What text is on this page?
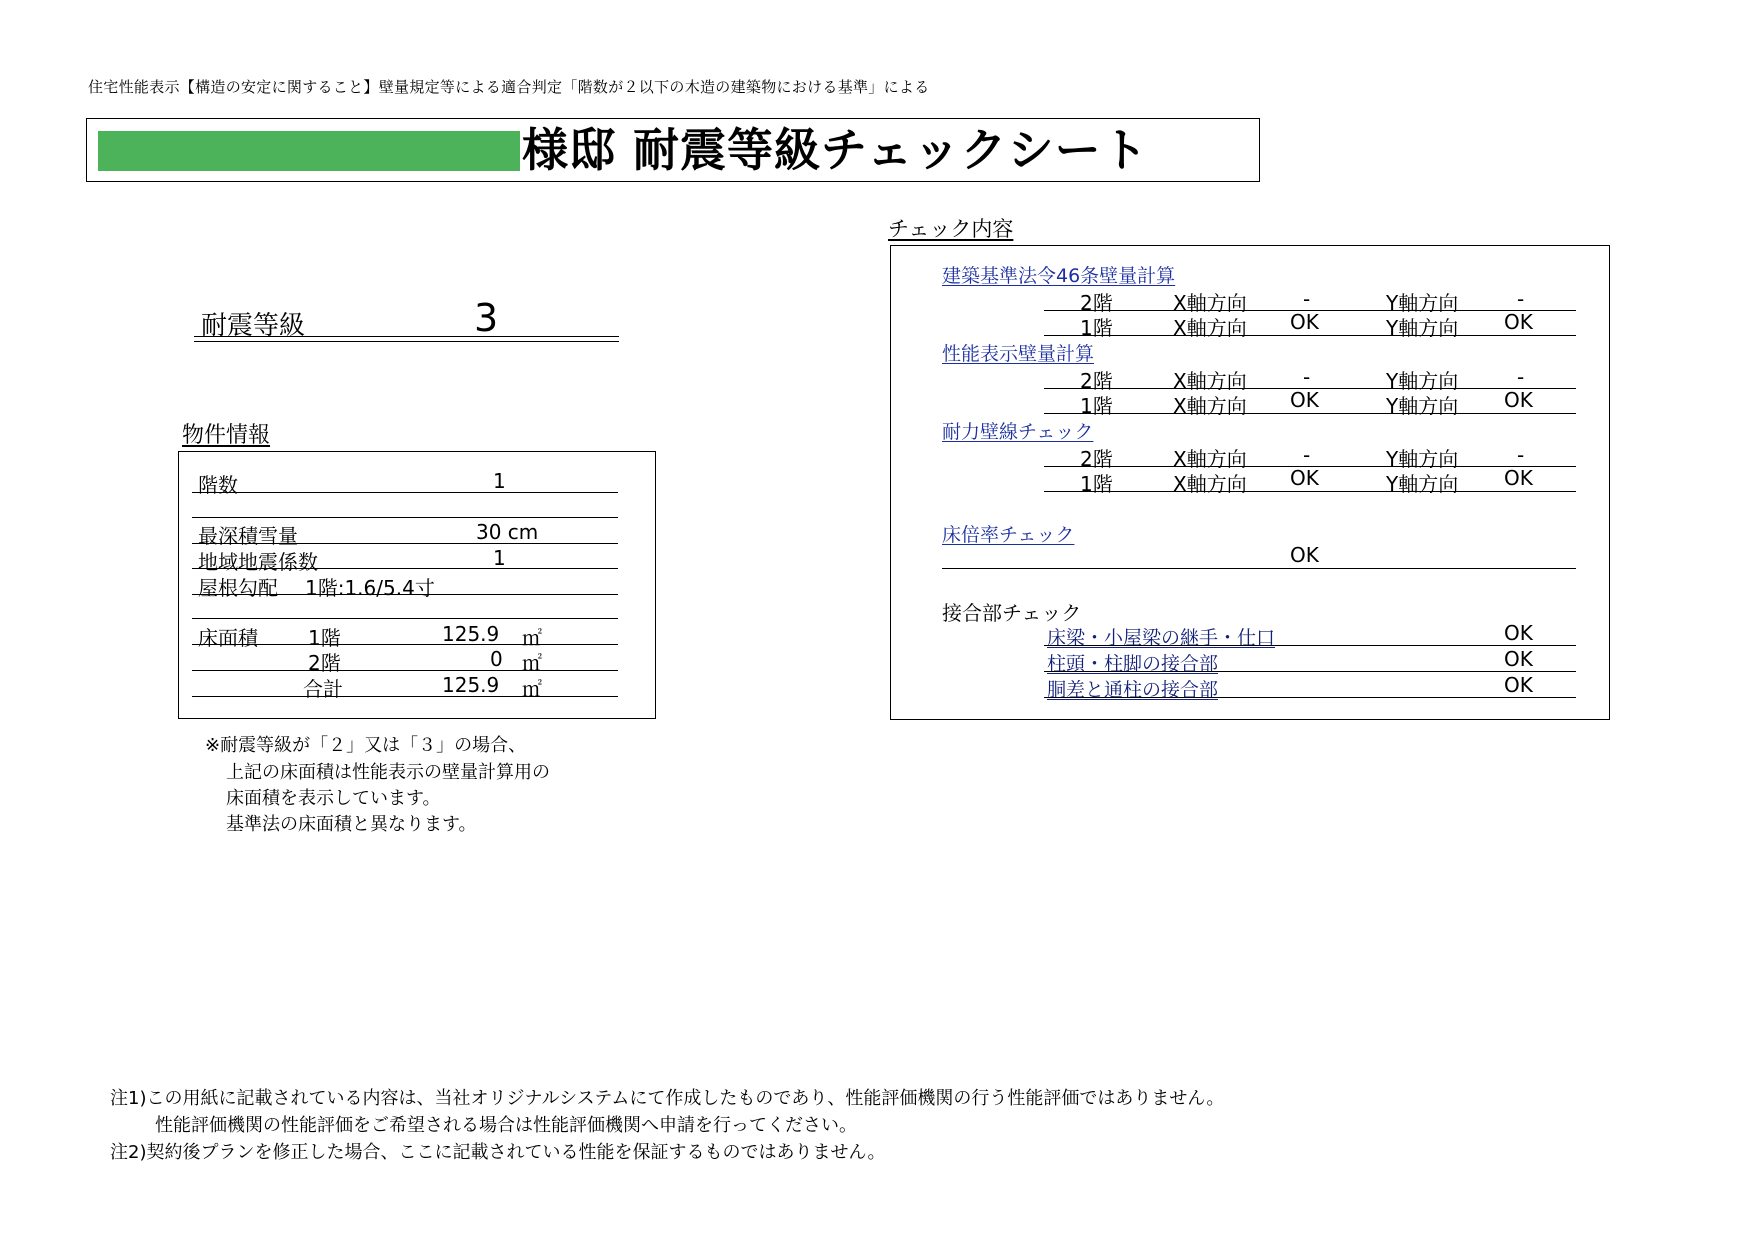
住宅性能表示【構造の安定に関すること】壁量規定等による適合判定「階数が２以下の木造の建築物における基準」による
様邸 耐震等級チェックシート
耐震等級	3
物件情報
階数	1
最深積雪量	30 cm
地域地震係数	1
屋根勾配 1階:1.6/5.4寸
床面積	1階	125.9 ㎡
2階	0 ㎡
合計	125.9 ㎡
※耐震等級が「２」又は「３」の場合、
上記の床面積は性能表示の壁量計算用の
床面積を表示しています。
基準法の床面積と異なります。
チェック内容
建築基準法令46条壁量計算
2階	X軸方向	-	Y軸方向	-
1階	X軸方向 OK	Y軸方向 OK
性能表示壁量計算
2階	X軸方向	-	Y軸方向	-
1階	X軸方向 OK	Y軸方向 OK
耐力壁線チェック
2階	X軸方向	-	Y軸方向	-
1階	X軸方向 OK	Y軸方向 OK
床倍率チェック
OK
接合部チェック
床梁・小屋梁の継手・仕口	OK
柱頭・柱脚の接合部	OK
胴差と通柱の接合部	OK
注1)この用紙に記載されている内容は、当社オリジナルシステムにて作成したものであり、性能評価機関の行う性能評価ではありません。
性能評価機関の性能評価をご希望される場合は性能評価機関へ申請を行ってください。
注2)契約後プランを修正した場合、ここに記載されている性能を保証するものではありません。
